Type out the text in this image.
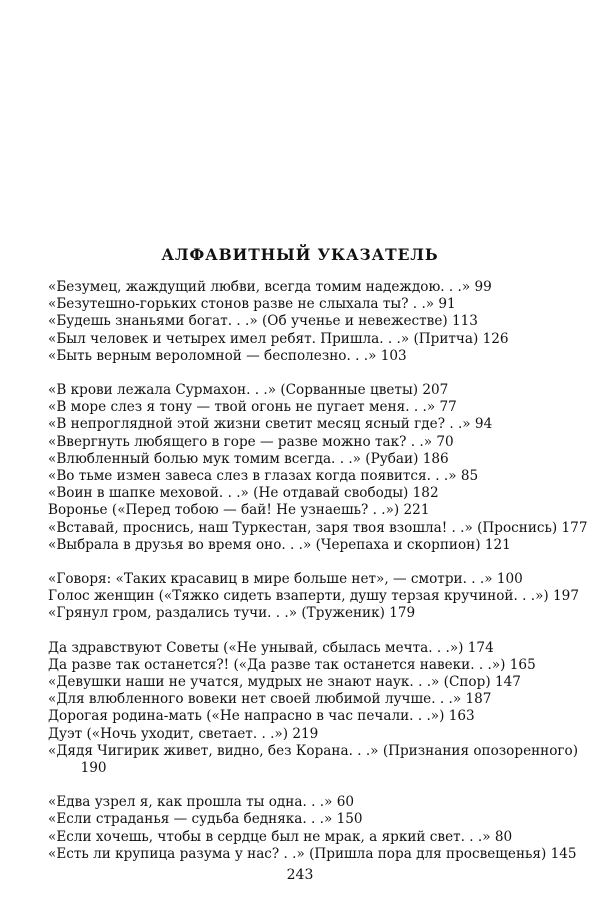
АЛФАВИТНЫЙ УКАЗАТЕЛЬ

«Безумец, жаждущий любви, всегда томим надеждою. . .» 99

«Безутешно-горьких стонов разве не слыхала ты? . .» 91

«Будешь знаньями богат. . .» (Об ученье и невежестве) 113

«Был человек и четырех имел ребят. Пришла. . .» (Притча) 126

«Быть верным вероломной — бесполезно. . .» 103

«В крови лежала Сурмахон. . .» (Сорванные цветы) 207

«В море слез я тону — твой огонь не пугает меня. . .» 77

«В непроглядной этой жизни светит месяц ясный где? . .» 94

«Ввергнуть любящего в горе — разве можно так? . .» 70

«Влюбленный болью мук томим всегда. . .» (Рубаи) 186

«Во тьме измен завеса слез в глазах когда появится. . .» 85

«Воин в шапке меховой. . .» (Не отдавай свободы) 182

Воронье («Перед тобою — бай! Не узнаешь? . .») 221

«Вставай, проснись, наш Туркестан, заря твоя взошла! . .» (Проснись) 177

«Выбрала в друзья во время оно. . .» (Черепаха и скорпион) 121

«Говоря: «Таких красавиц в мире больше нет», — смотри. . .» 100

Голос женщин («Тяжко сидеть взаперти, душу терзая кручиной. . .») 197

«Грянул гром, раздались тучи. . .» (Труженик) 179

Да здравствуют Советы («Не унывай, сбылась мечта. . .») 174

Да разве так останется?! («Да разве так останется навеки. . .») 165

«Девушки наши не учатся, мудрых не знают наук. . .» (Спор) 147

«Для влюбленного вовеки нет своей любимой лучше. . .» 187

Дорогая родина-мать («Не напрасно в час печали. . .») 163

Дуэт («Ночь уходит, светает. . .») 219

«Дядя Чигирик живет, видно, без Корана. . .» (Признания опозоренного) 190

«Едва узрел я, как прошла ты одна. . .» 60

«Если страданья — судьба бедняка. . .» 150

«Если хочешь, чтобы в сердце был не мрак, а яркий свет. . .» 80

«Есть ли крупица разума у нас? . .» (Пришла пора для просвещенья) 145

243
